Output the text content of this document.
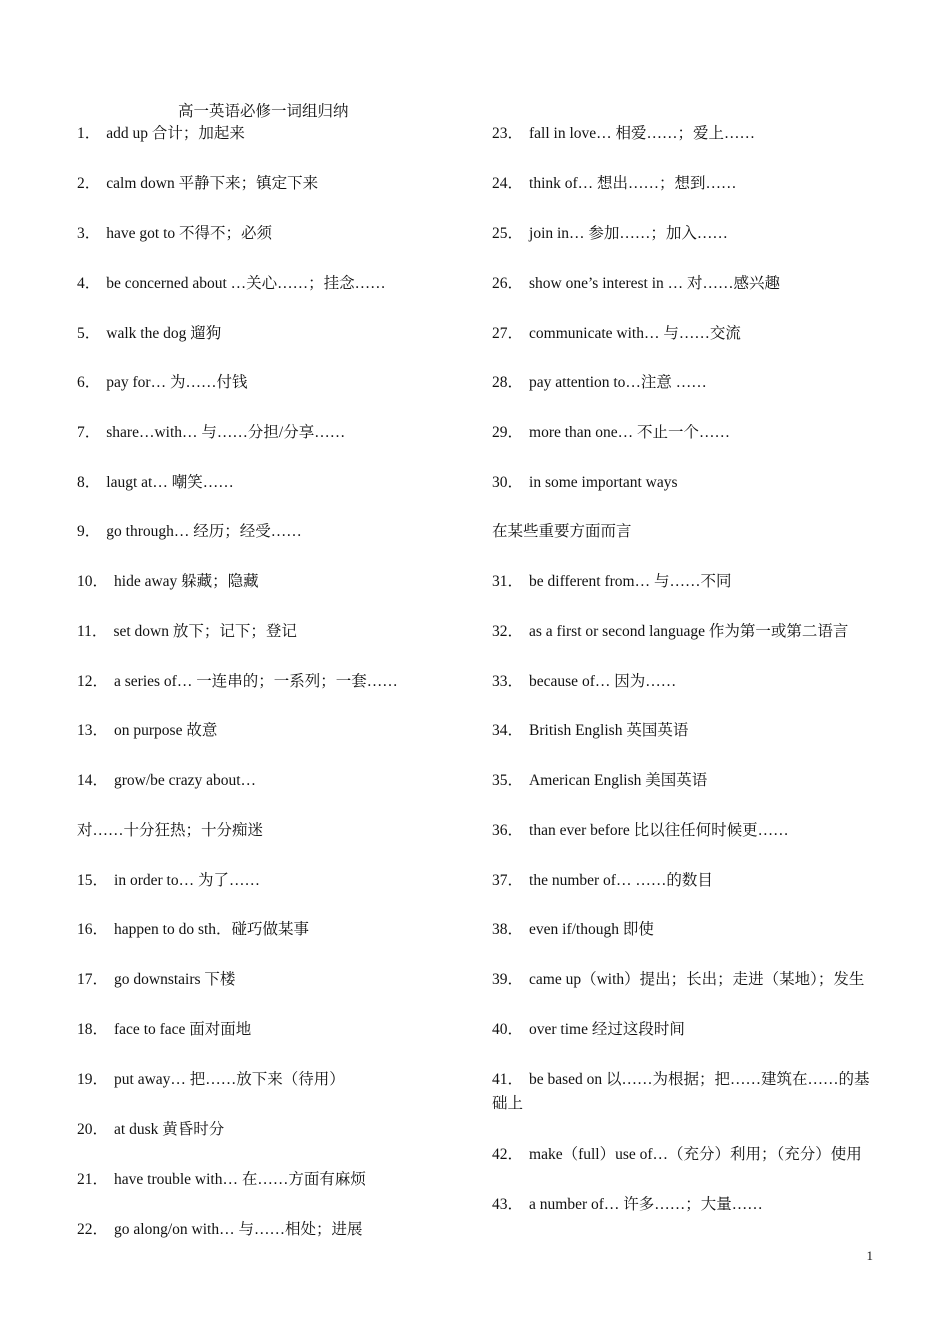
高一英语必修一词组归纳
1． add up 合计；加起来
2． calm down 平静下来；镇定下来
3． have got to 不得不；必须
4． be concerned about …关心……；挂念……
5． walk the dog 遛狗
6． pay for… 为……付钱
7． share…with… 与……分担/分享……
8． laugt at… 嘲笑……
9． go through… 经历；经受……
10． hide away 躲藏；隐藏
11． set down 放下；记下；登记
12． a series of… 一连串的；一系列；一套……
13． on purpose 故意
14． grow/be crazy about…
对……十分狂热；十分痴迷
15． in order to… 为了……
16． happen to do sth．碰巧做某事
17． go downstairs 下楼
18． face to face 面对面地
19． put away… 把……放下来（待用）
20． at dusk 黄昏时分
21． have trouble with… 在……方面有麻烦
22． go along/on with… 与……相处；进展
23． fall in love… 相爱……；爱上……
24． think of… 想出……；想到……
25． join in… 参加……；加入……
26． show one’s interest in … 对……感兴趣
27． communicate with… 与……交流
28． pay attention to…注意 ……
29． more than one… 不止一个……
30． in some important ways
在某些重要方面而言
31． be different from… 与……不同
32． as a first or second language 作为第一或第二语言
33． because of… 因为……
34． British English 英国英语
35． American English 美国英语
36． than ever before 比以往任何时候更……
37． the number of… ……的数目
38． even if/though 即使
39． came up（with）提出；长出；走进（某地）；发生
40． over time 经过这段时间
41． be based on 以……为根据；把……建筑在……的基础上
42． make（full）use of…（充分）利用；（充分）使用
43． a number of… 许多……；大量……
1
